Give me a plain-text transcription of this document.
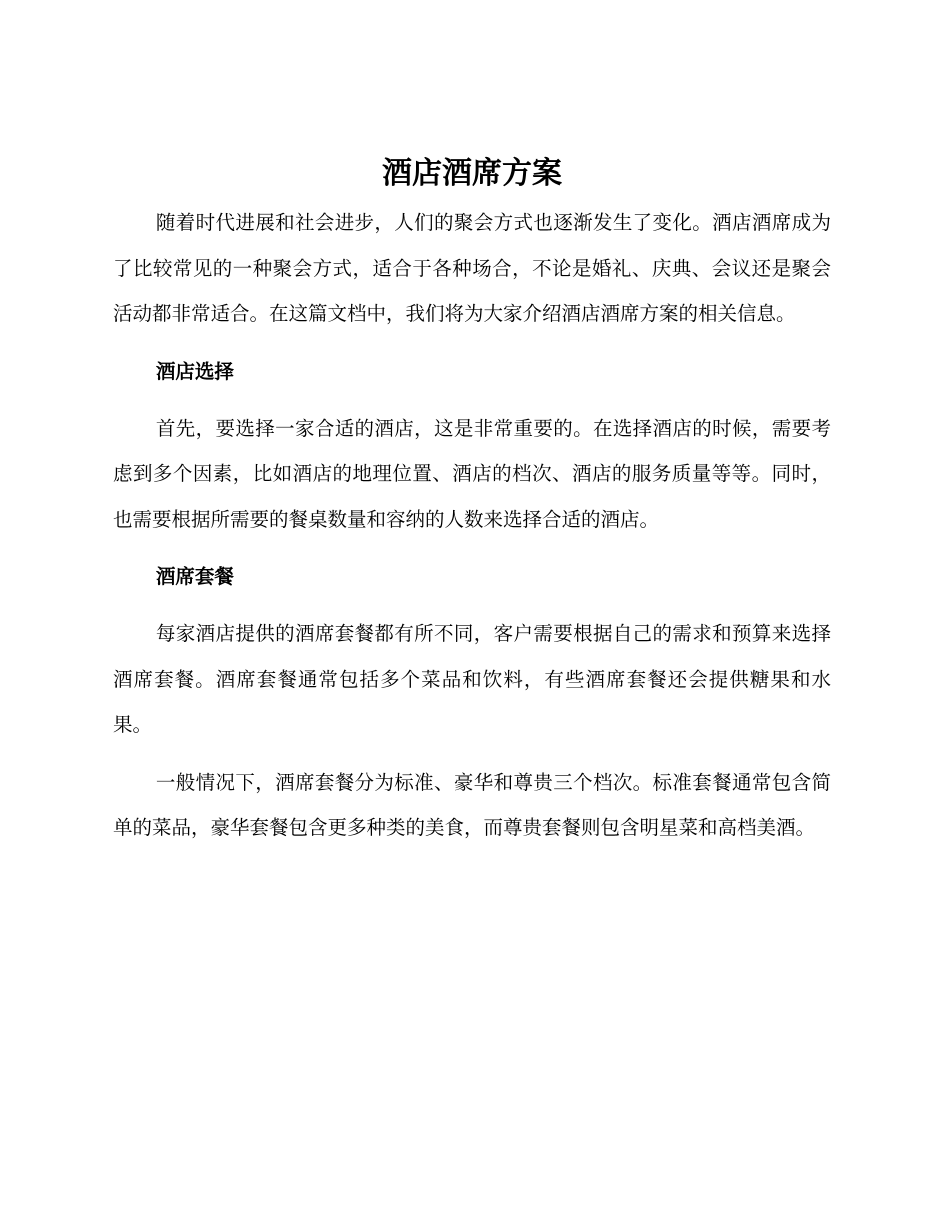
酒店酒席方案

随着时代进展和社会进步，人们的聚会方式也逐渐发生了变化。酒店酒席成为了比较常见的一种聚会方式，适合于各种场合，不论是婚礼、庆典、会议还是聚会活动都非常适合。在这篇文档中，我们将为大家介绍酒店酒席方案的相关信息。

酒店选择

首先，要选择一家合适的酒店，这是非常重要的。在选择酒店的时候，需要考虑到多个因素，比如酒店的地理位置、酒店的档次、酒店的服务质量等等。同时，也需要根据所需要的餐桌数量和容纳的人数来选择合适的酒店。

酒席套餐

每家酒店提供的酒席套餐都有所不同，客户需要根据自己的需求和预算来选择酒席套餐。酒席套餐通常包括多个菜品和饮料，有些酒席套餐还会提供糖果和水果。

一般情况下，酒席套餐分为标准、豪华和尊贵三个档次。标准套餐通常包含简单的菜品，豪华套餐包含更多种类的美食，而尊贵套餐则包含明星菜和高档美酒。
